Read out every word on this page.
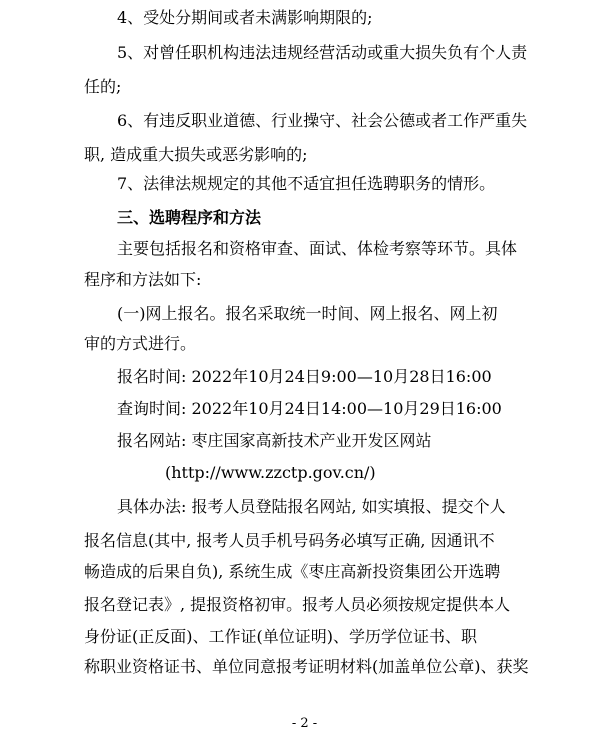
4、受处分期间或者未满影响期限的;
5、对曾任职机构违法违规经营活动或重大损失负有个人责
任的;
6、有违反职业道德、行业操守、社会公德或者工作严重失
职, 造成重大损失或恶劣影响的;
7、法律法规规定的其他不适宜担任选聘职务的情形。
三、选聘程序和方法
主要包括报名和资格审查、面试、体检考察等环节。具体
程序和方法如下:
(一)网上报名。报名采取统一时间、网上报名、网上初
审的方式进行。
报名时间: 2022年10月24日9:00—10月28日16:00
查询时间: 2022年10月24日14:00—10月29日16:00
报名网站: 枣庄国家高新技术产业开发区网站
(http://www.zzctp.gov.cn/)
具体办法: 报考人员登陆报名网站, 如实填报、提交个人
报名信息(其中, 报考人员手机号码务必填写正确, 因通讯不
畅造成的后果自负), 系统生成《枣庄高新投资集团公开选聘
报名登记表》, 提报资格初审。报考人员必须按规定提供本人
身份证(正反面)、工作证(单位证明)、学历学位证书、职
称职业资格证书、单位同意报考证明材料(加盖单位公章)、获奖
- 2 -
